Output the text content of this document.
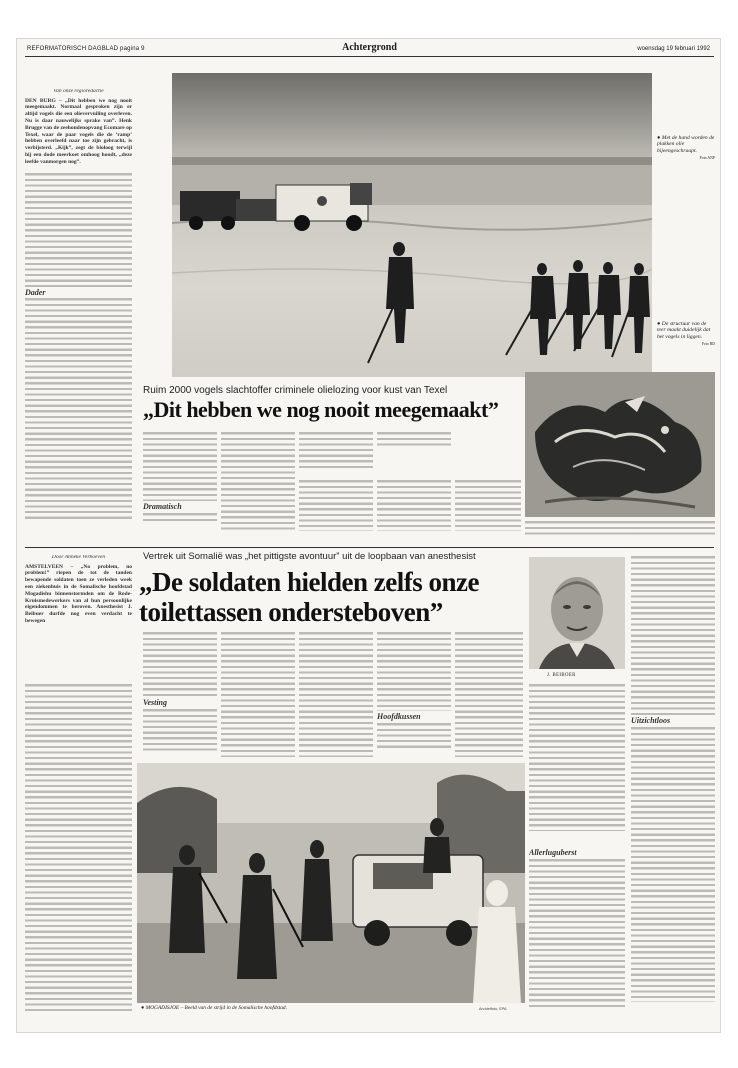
REFORMATORISCH DAGBLAD pagina 9	Achtergrond	woensdag 19 februari 1992
Van onze regioredactie
DEN BURG – „Dit hebben we nog nooit meegemaakt. Normaal gesproken zijn er altijd vogels die een olievervuiling overleven. Nu is daar nauwelijks sprake van”. Henk Brugge van de zeehondenopvang Ecomare op Texel, waar de paar vogels die de ‘ramp’ hebben overleefd naar toe zijn gebracht, is verbijsterd. „Kijk”, zegt de bioloog terwijl hij een dode meerkoet omhoog houdt, „deze leefde vanmorgen nog”.
Dader
● Met de hand worden de plakken olie bijeengeschraapt.
Foto ANP
● De structuur van de teer maakt duidelijk dat het vogels in liggen.
Foto RD
Ruim 2000 vogels slachtoffer criminele olielozing voor kust van Texel
„Dit hebben we nog nooit meegemaakt”
Dramatisch
Door Anneke Verhoeven
AMSTELVEEN – „No problem, no problem!” riepen de tot de tanden bewapende soldaten toen ze verleden week een ziekenhuis in de Somalische hoofdstad Mogadishu binnenstormden om de Rode-Kruismedewerkers van al hun persoonlijke eigendommen te beroven. Anesthesist J. Beibuer durfde nog even verdacht te bewegen
Vertrek uit Somalië was „het pittigste avontuur” uit de loopbaan van anesthesist
„De soldaten hielden zelfs onze
toilettassen ondersteboven”
J. BEIBOER
Vesting
Hoofdkussen	Uitzichtloos
● MOGADISJOE – Beeld van de strijd in de Somalische hoofdstad.	Archieffoto, EPA
Allerluguberst
